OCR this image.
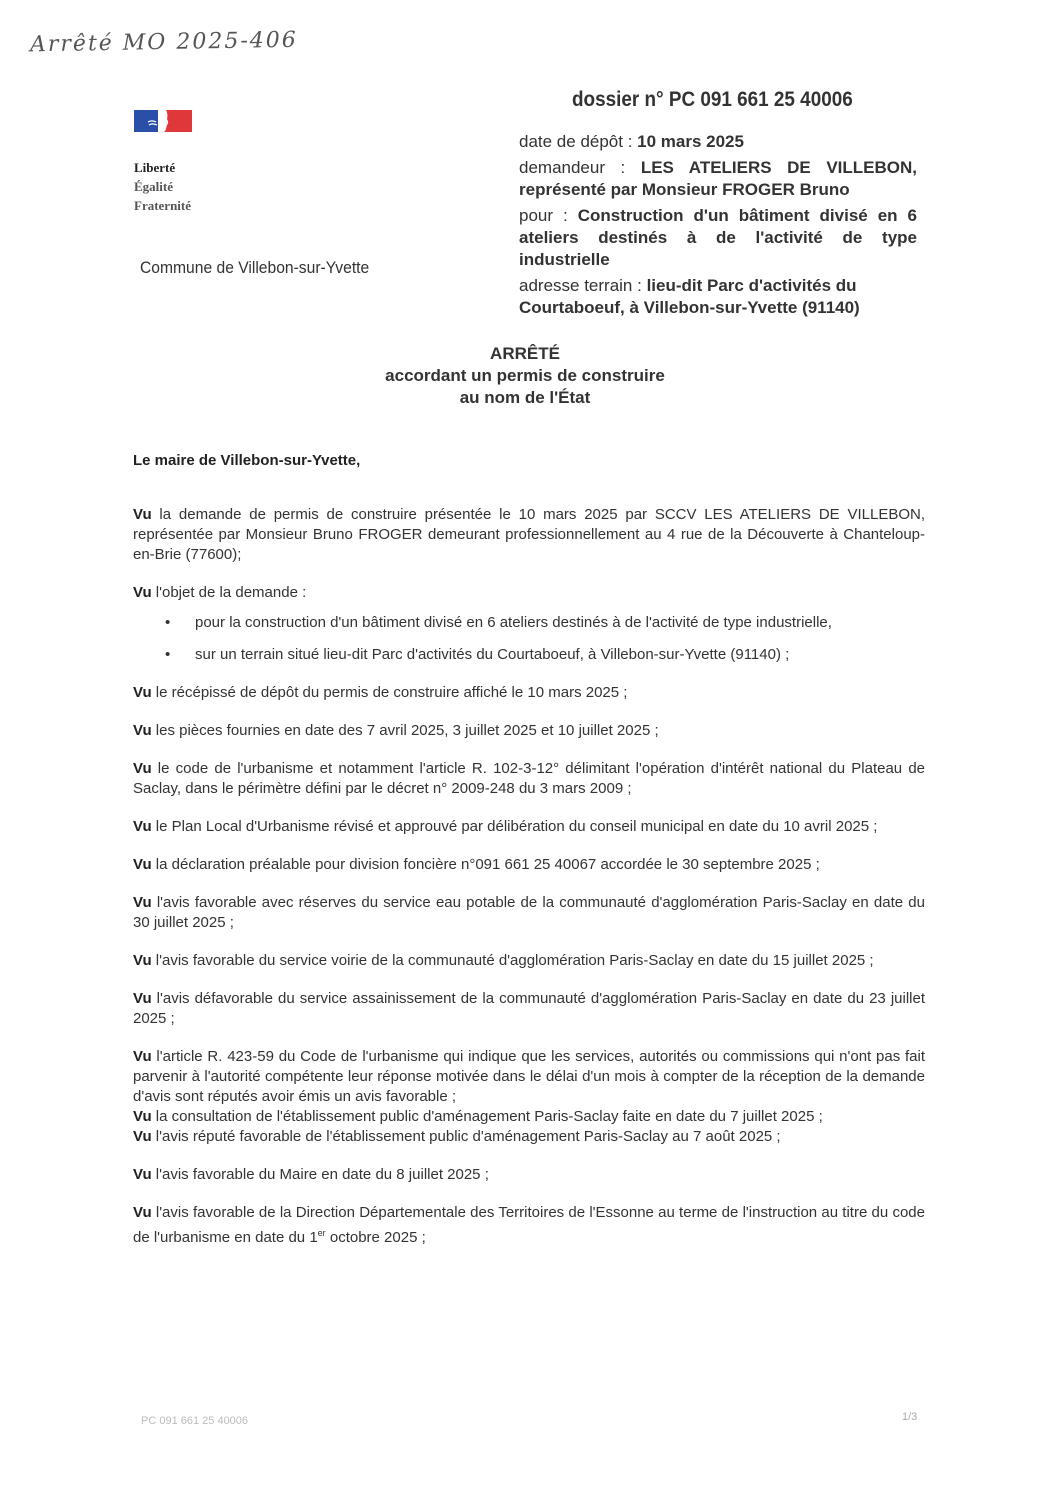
Arrêté MO 2025-406
Liberté
Égalité
Fraternité
Commune de Villebon-sur-Yvette
dossier n° PC 091 661 25 40006
date de dépôt : 10 mars 2025
demandeur : LES ATELIERS DE VILLEBON, représenté par Monsieur FROGER Bruno
pour : Construction d'un bâtiment divisé en 6 ateliers destinés à de l'activité de type industrielle
adresse terrain : lieu-dit Parc d'activités du Courtaboeuf, à Villebon-sur-Yvette (91140)
ARRÊTÉ
accordant un permis de construire
au nom de l'État
Le maire de Villebon-sur-Yvette,

Vu la demande de permis de construire présentée le 10 mars 2025 par SCCV LES ATELIERS DE VILLEBON, représentée par Monsieur Bruno FROGER demeurant professionnellement au 4 rue de la Découverte à Chanteloup-en-Brie (77600);

Vu l'objet de la demande :

• pour la construction d'un bâtiment divisé en 6 ateliers destinés à de l'activité de type industrielle,
• sur un terrain situé lieu-dit Parc d'activités du Courtaboeuf, à Villebon-sur-Yvette (91140) ;

Vu le récépissé de dépôt du permis de construire affiché le 10 mars 2025 ;

Vu les pièces fournies en date des 7 avril 2025, 3 juillet 2025 et 10 juillet 2025 ;

Vu le code de l'urbanisme et notamment l'article R. 102-3-12° délimitant l'opération d'intérêt national du Plateau de Saclay, dans le périmètre défini par le décret n° 2009-248 du 3 mars 2009 ;

Vu le Plan Local d'Urbanisme révisé et approuvé par délibération du conseil municipal en date du 10 avril 2025 ;

Vu la déclaration préalable pour division foncière n°091 661 25 40067 accordée le 30 septembre 2025 ;

Vu l'avis favorable avec réserves du service eau potable de la communauté d'agglomération Paris-Saclay en date du 30 juillet 2025 ;

Vu l'avis favorable du service voirie de la communauté d'agglomération Paris-Saclay en date du 15 juillet 2025 ;

Vu l'avis défavorable du service assainissement de la communauté d'agglomération Paris-Saclay en date du 23 juillet 2025 ;

Vu l'article R. 423-59 du Code de l'urbanisme qui indique que les services, autorités ou commissions qui n'ont pas fait parvenir à l'autorité compétente leur réponse motivée dans le délai d'un mois à compter de la réception de la demande d'avis sont réputés avoir émis un avis favorable ;

Vu la consultation de l'établissement public d'aménagement Paris-Saclay faite en date du 7 juillet 2025 ;

Vu l'avis réputé favorable de l'établissement public d'aménagement Paris-Saclay au 7 août 2025 ;

Vu l'avis favorable du Maire en date du 8 juillet 2025 ;

Vu l'avis favorable de la Direction Départementale des Territoires de l'Essonne au terme de l'instruction au titre du code de l'urbanisme en date du 1er octobre 2025 ;

PC 091 661 25 40006	1/3
